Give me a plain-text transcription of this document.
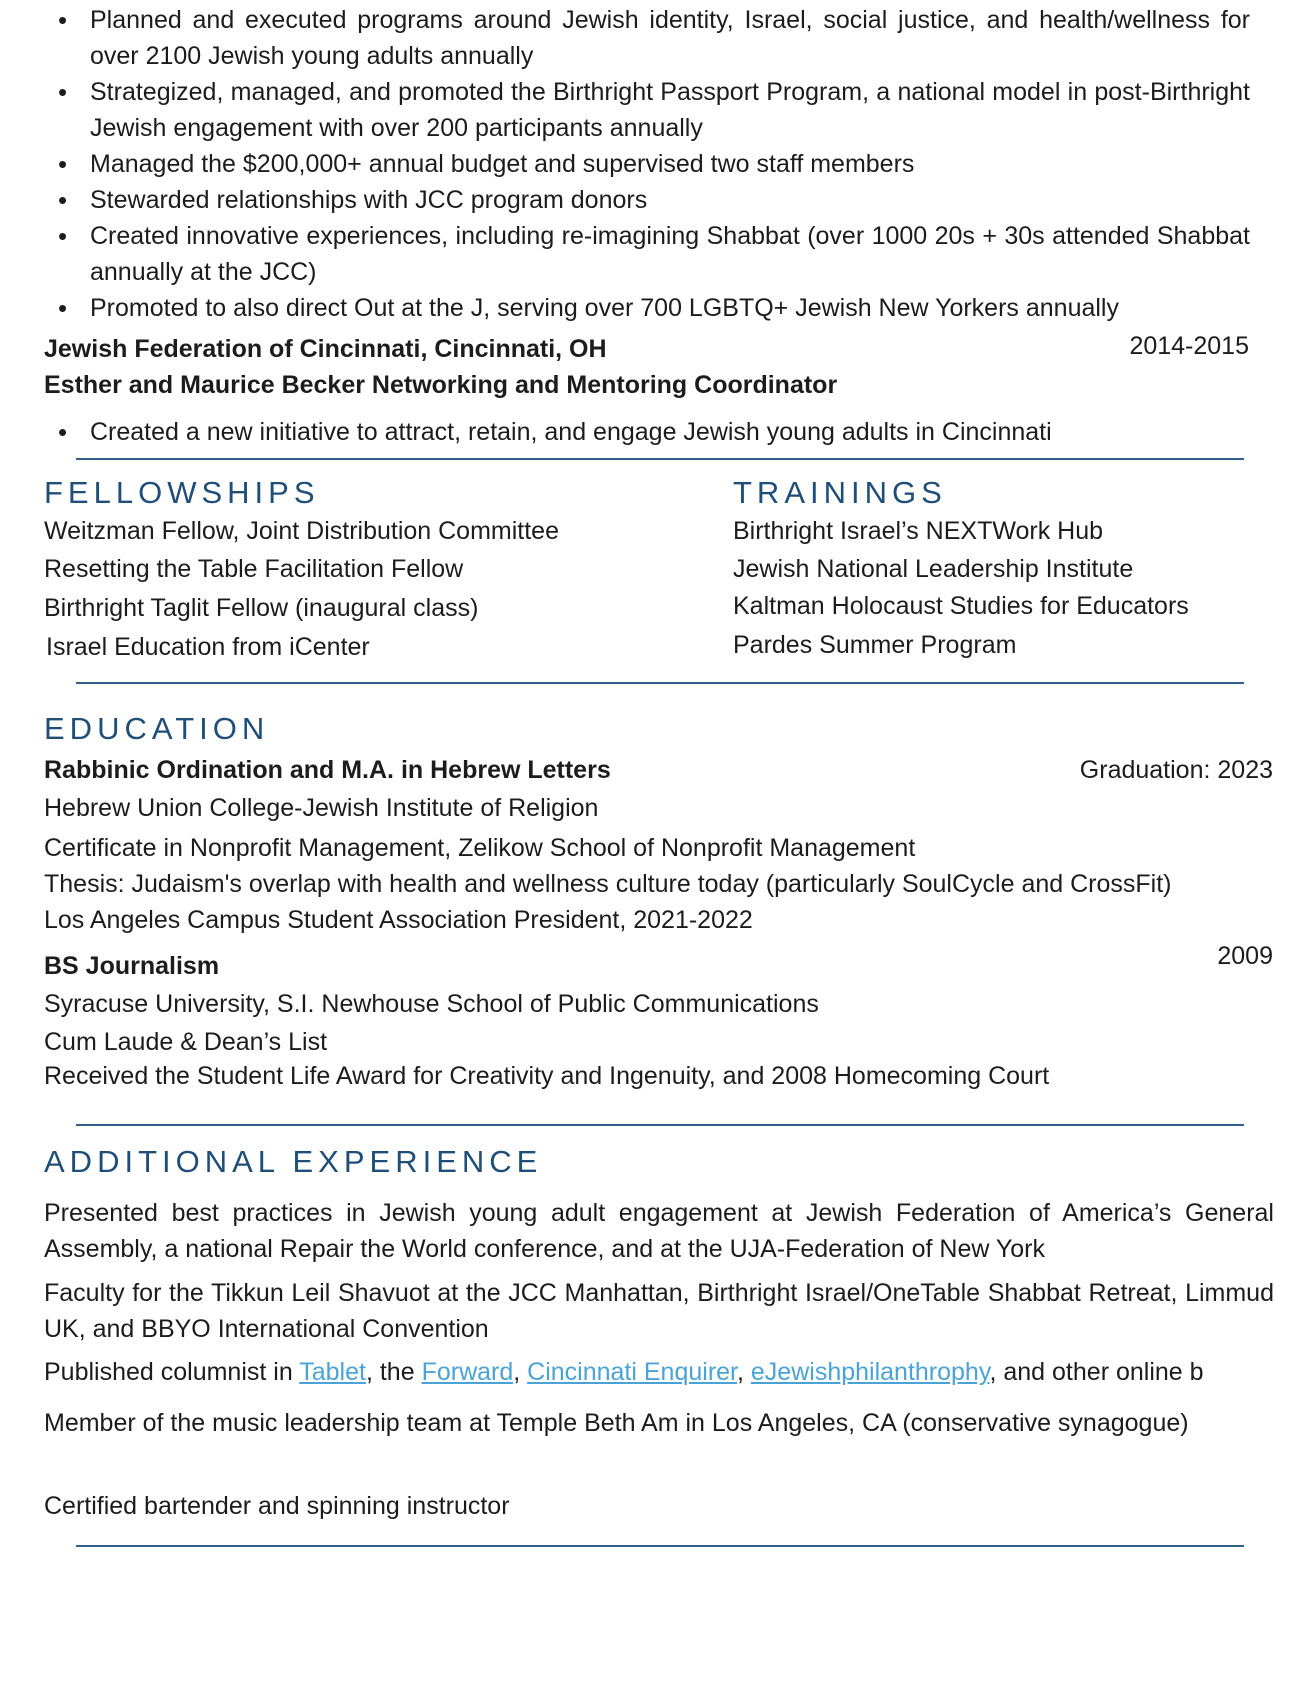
• Planned and executed programs around Jewish identity, Israel, social justice, and health/wellness for over 2100 Jewish young adults annually
• Strategized, managed, and promoted the Birthright Passport Program, a national model in post-Birthright Jewish engagement with over 200 participants annually
• Managed the $200,000+ annual budget and supervised two staff members
• Stewarded relationships with JCC program donors
• Created innovative experiences, including re-imagining Shabbat (over 1000 20s + 30s attended Shabbat annually at the JCC)
• Promoted to also direct Out at the J, serving over 700 LGBTQ+ Jewish New Yorkers annually
Jewish Federation of Cincinnati, Cincinnati, OH	2014-2015
Esther and Maurice Becker Networking and Mentoring Coordinator
• Created a new initiative to attract, retain, and engage Jewish young adults in Cincinnati
FELLOWSHIPS
Weitzman Fellow, Joint Distribution Committee
Resetting the Table Facilitation Fellow
Birthright Taglit Fellow (inaugural class)
Israel Education from iCenter
TRAININGS
Birthright Israel’s NEXTWork Hub
Jewish National Leadership Institute
Kaltman Holocaust Studies for Educators
Pardes Summer Program
EDUCATION
Rabbinic Ordination and M.A. in Hebrew Letters	Graduation: 2023
Hebrew Union College-Jewish Institute of Religion
Certificate in Nonprofit Management, Zelikow School of Nonprofit Management
Thesis: Judaism's overlap with health and wellness culture today (particularly SoulCycle and CrossFit)
Los Angeles Campus Student Association President, 2021-2022
BS Journalism	2009
Syracuse University, S.I. Newhouse School of Public Communications
Cum Laude & Dean’s List
Received the Student Life Award for Creativity and Ingenuity, and 2008 Homecoming Court
ADDITIONAL EXPERIENCE
Presented best practices in Jewish young adult engagement at Jewish Federation of America’s General Assembly, a national Repair the World conference, and at the UJA-Federation of New York
Faculty for the Tikkun Leil Shavuot at the JCC Manhattan, Birthright Israel/OneTable Shabbat Retreat, Limmud UK, and BBYO International Convention
Published columnist in Tablet, the Forward, Cincinnati Enquirer, eJewishphilanthrophy, and other online b
Member of the music leadership team at Temple Beth Am in Los Angeles, CA (conservative synagogue)
Certified bartender and spinning instructor
